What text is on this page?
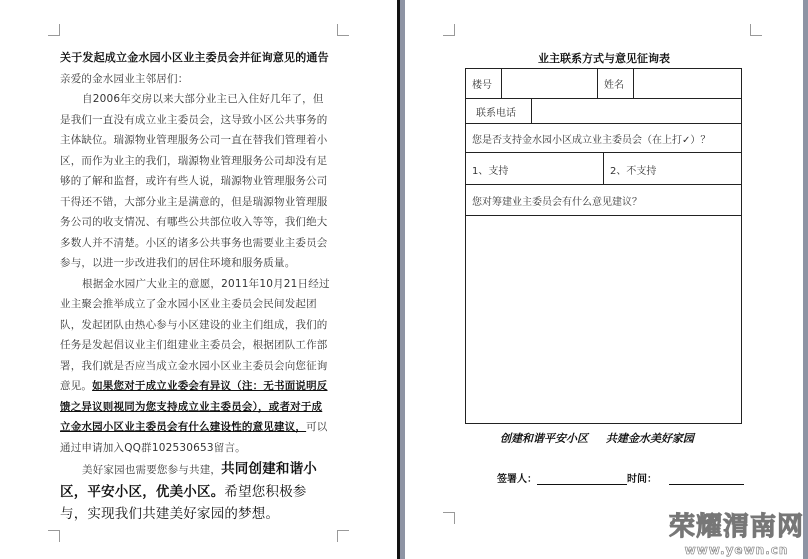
关于发起成立金水园小区业主委员会并征询意见的通告

亲爱的金水园业主邻居们：

自2006年交房以来大部分业主已入住好几年了，但是我们一直没有成立业主委员会，这导致小区公共事务的主体缺位。瑞源物业管理服务公司一直在替我们管理着小区，而作为业主的我们，瑞源物业管理服务公司却没有足够的了解和监督，或许有些人说，瑞源物业管理服务公司干得还不错，大部分业主是满意的，但是瑞源物业管理服务公司的收支情况、有哪些公共部位收入等等，我们绝大多数人并不清楚。小区的诸多公共事务也需要业主委员会参与，以进一步改进我们的居住环境和服务质量。

根据金水园广大业主的意愿，2011年10月21日经过业主聚会推举成立了金水园小区业主委员会民间发起团队，发起团队由热心参与小区建设的业主们组成，我们的任务是发起倡议业主们组建业主委员会，根据团队工作部署，我们就是否应当成立金水园小区业主委员会向您征询意见。如果您对于成立业委会有异议（注：无书面说明反馈之异议则视同为您支持成立业主委员会），或者对于成立金水园小区业主委员会有什么建设性的意见建议，可以通过申请加入QQ群102530653留言。

美好家园也需要您参与共建，共同创建和谐小区，平安小区，优美小区。希望您积极参与，实现我们共建美好家园的梦想。

业主联系方式与意见征询表
楼号		姓名	

联系电话

您是否支持金水园小区成立业主委员会（在上打✓）？

1、支持	2、不支持

您对筹建业主委员会有什么意见建议？

创建和谐平安小区 共建金水美好家园
签署人：	时间：
荣耀渭南网
www.yewn.cn
